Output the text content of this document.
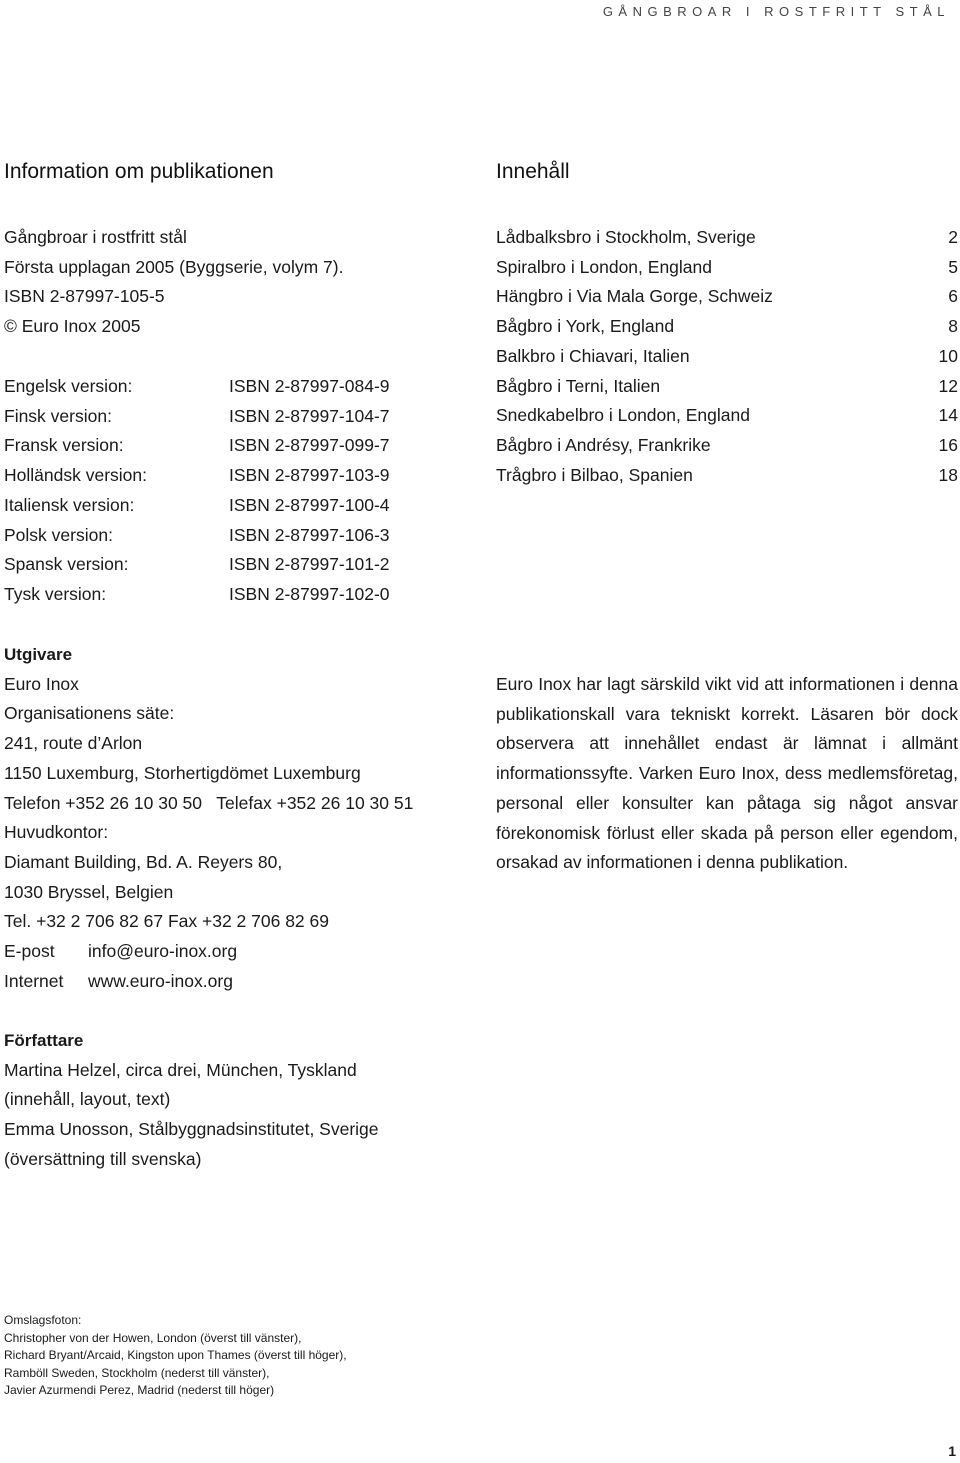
GÅNGBROAR I ROSTFRITT STÅL
Information om publikationen
Gångbroar i rostfritt stål
Första upplagan 2005 (Byggserie, volym 7).
ISBN 2-87997-105-5
© Euro Inox 2005
Engelsk version:	ISBN 2-87997-084-9
Finsk version:	ISBN 2-87997-104-7
Fransk version:	ISBN 2-87997-099-7
Holländsk version:	ISBN 2-87997-103-9
Italiensk version:	ISBN 2-87997-100-4
Polsk version:	ISBN 2-87997-106-3
Spansk version:	ISBN 2-87997-101-2
Tysk version:	ISBN 2-87997-102-0
Innehåll
Lådbalksbro i Stockholm, Sverige	2
Spiralbro i London, England	5
Hängbro i Via Mala Gorge, Schweiz	6
Bågbro i York, England	8
Balkbro i Chiavari, Italien	10
Bågbro i Terni, Italien	12
Snedkabelbro i London, England	14
Bågbro i Andrésy, Frankrike	16
Trågbro i Bilbao, Spanien	18
Utgivare
Euro Inox
Organisationens säte:
241, route d’Arlon
1150 Luxemburg, Storhertigdömet Luxemburg
Telefon +352 26 10 30 50   Telefax +352 26 10 30 51
Huvudkontor:
Diamant Building, Bd. A. Reyers 80,
1030 Bryssel, Belgien
Tel. +32 2 706 82 67 Fax +32 2 706 82 69
E-post	info@euro-inox.org
Internet	www.euro-inox.org
Euro Inox har lagt särskild vikt vid att informationen i denna publikationskall vara tekniskt korrekt. Läsaren bör dock observera att innehållet endast är lämnat i allmänt informationssyfte. Varken Euro Inox, dess medlemsföretag, personal eller konsulter kan påtaga sig något ansvar förekonomisk förlust eller skada på person eller egendom, orsakad av informationen i denna publikation.
Författare
Martina Helzel, circa drei, München, Tyskland
(innehåll, layout, text)
Emma Unosson, Stålbyggnadsinstitutet, Sverige
(översättning till svenska)
Omslagsfoton:
Christopher von der Howen, London (överst till vänster),
Richard Bryant/Arcaid, Kingston upon Thames (överst till höger),
Ramböll Sweden, Stockholm (nederst till vänster),
Javier Azurmendi Perez, Madrid (nederst till höger)
1
